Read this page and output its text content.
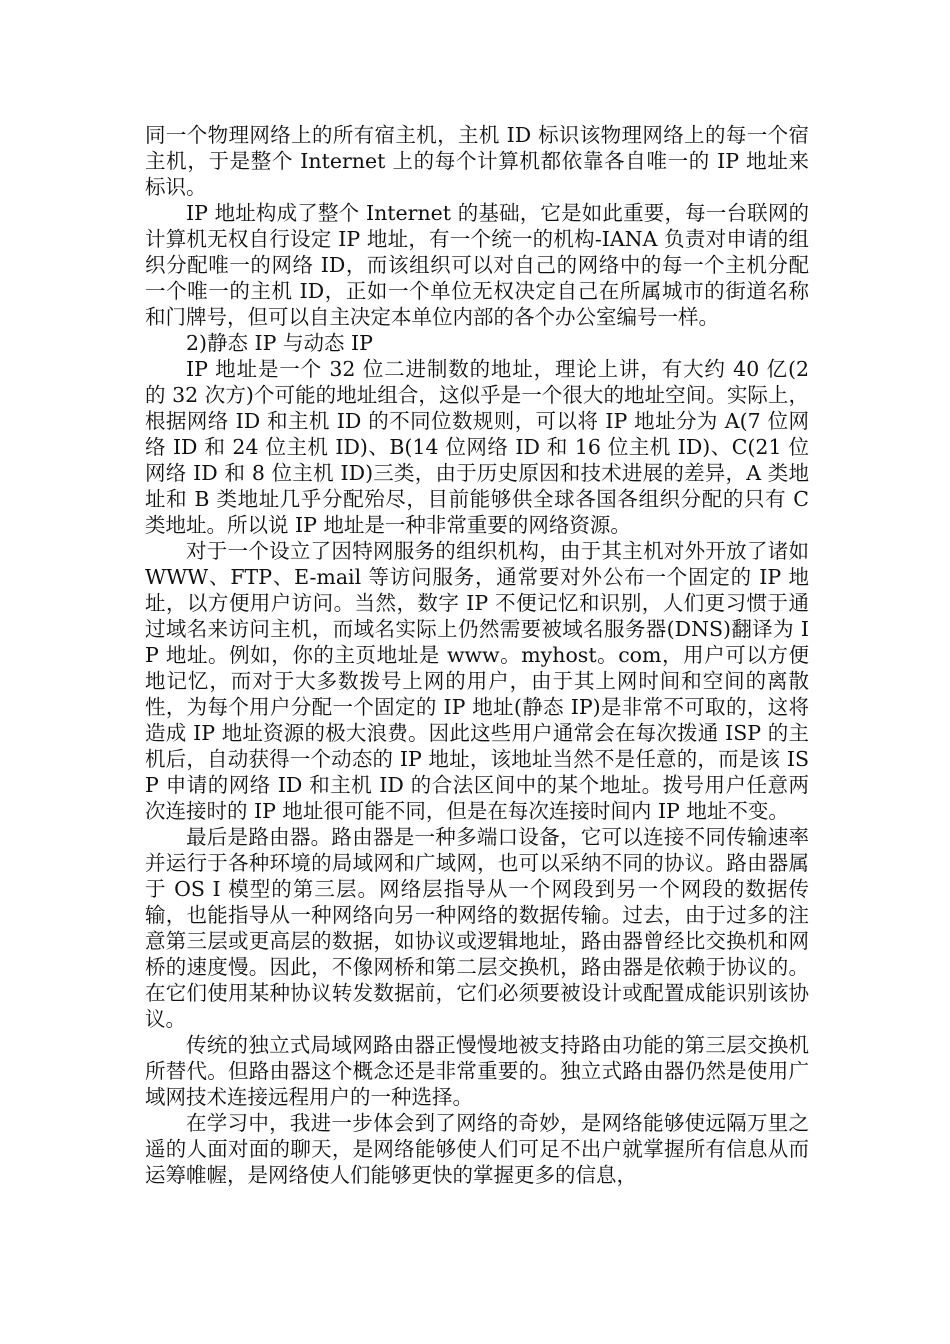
同一个物理网络上的所有宿主机，主机 ID 标识该物理网络上的每一个宿主机，于是整个 Internet 上的每个计算机都依靠各自唯一的 IP 地址来标识。

IP 地址构成了整个 Internet 的基础，它是如此重要，每一台联网的计算机无权自行设定 IP 地址，有一个统一的机构-IANA 负责对申请的组织分配唯一的网络 ID，而该组织可以对自己的网络中的每一个主机分配一个唯一的主机 ID，正如一个单位无权决定自己在所属城市的街道名称和门牌号，但可以自主决定本单位内部的各个办公室编号一样。

2)静态 IP 与动态 IP

IP 地址是一个 32 位二进制数的地址，理论上讲，有大约 40 亿(2 的 32 次方)个可能的地址组合，这似乎是一个很大的地址空间。实际上，根据网络 ID 和主机 ID 的不同位数规则，可以将 IP 地址分为 A(7 位网络 ID 和 24 位主机 ID)、B(14 位网络 ID 和 16 位主机 ID)、C(21 位网络 ID 和 8 位主机 ID)三类，由于历史原因和技术进展的差异，A 类地址和 B 类地址几乎分配殆尽，目前能够供全球各国各组织分配的只有 C 类地址。所以说 IP 地址是一种非常重要的网络资源。

对于一个设立了因特网服务的组织机构，由于其主机对外开放了诸如 WWW、FTP、E-mail 等访问服务，通常要对外公布一个固定的 IP 地址，以方便用户访问。当然，数字 IP 不便记忆和识别，人们更习惯于通过域名来访问主机，而域名实际上仍然需要被域名服务器(DNS)翻译为 IP 地址。例如，你的主页地址是 www。myhost。com，用户可以方便地记忆，而对于大多数拨号上网的用户，由于其上网时间和空间的离散性，为每个用户分配一个固定的 IP 地址(静态 IP)是非常不可取的，这将造成 IP 地址资源的极大浪费。因此这些用户通常会在每次拨通 ISP 的主机后，自动获得一个动态的 IP 地址，该地址当然不是任意的，而是该 ISP 申请的网络 ID 和主机 ID 的合法区间中的某个地址。拨号用户任意两次连接时的 IP 地址很可能不同，但是在每次连接时间内 IP 地址不变。

最后是路由器。路由器是一种多端口设备，它可以连接不同传输速率并运行于各种环境的局域网和广域网，也可以采纳不同的协议。路由器属于 OS I 模型的第三层。网络层指导从一个网段到另一个网段的数据传输，也能指导从一种网络向另一种网络的数据传输。过去，由于过多的注意第三层或更高层的数据，如协议或逻辑地址，路由器曾经比交换机和网桥的速度慢。因此，不像网桥和第二层交换机，路由器是依赖于协议的。在它们使用某种协议转发数据前，它们必须要被设计或配置成能识别该协议。

传统的独立式局域网路由器正慢慢地被支持路由功能的第三层交换机所替代。但路由器这个概念还是非常重要的。独立式路由器仍然是使用广域网技术连接远程用户的一种选择。

在学习中，我进一步体会到了网络的奇妙，是网络能够使远隔万里之遥的人面对面的聊天，是网络能够使人们可足不出户就掌握所有信息从而运筹帷幄，是网络使人们能够更快的掌握更多的信息，
